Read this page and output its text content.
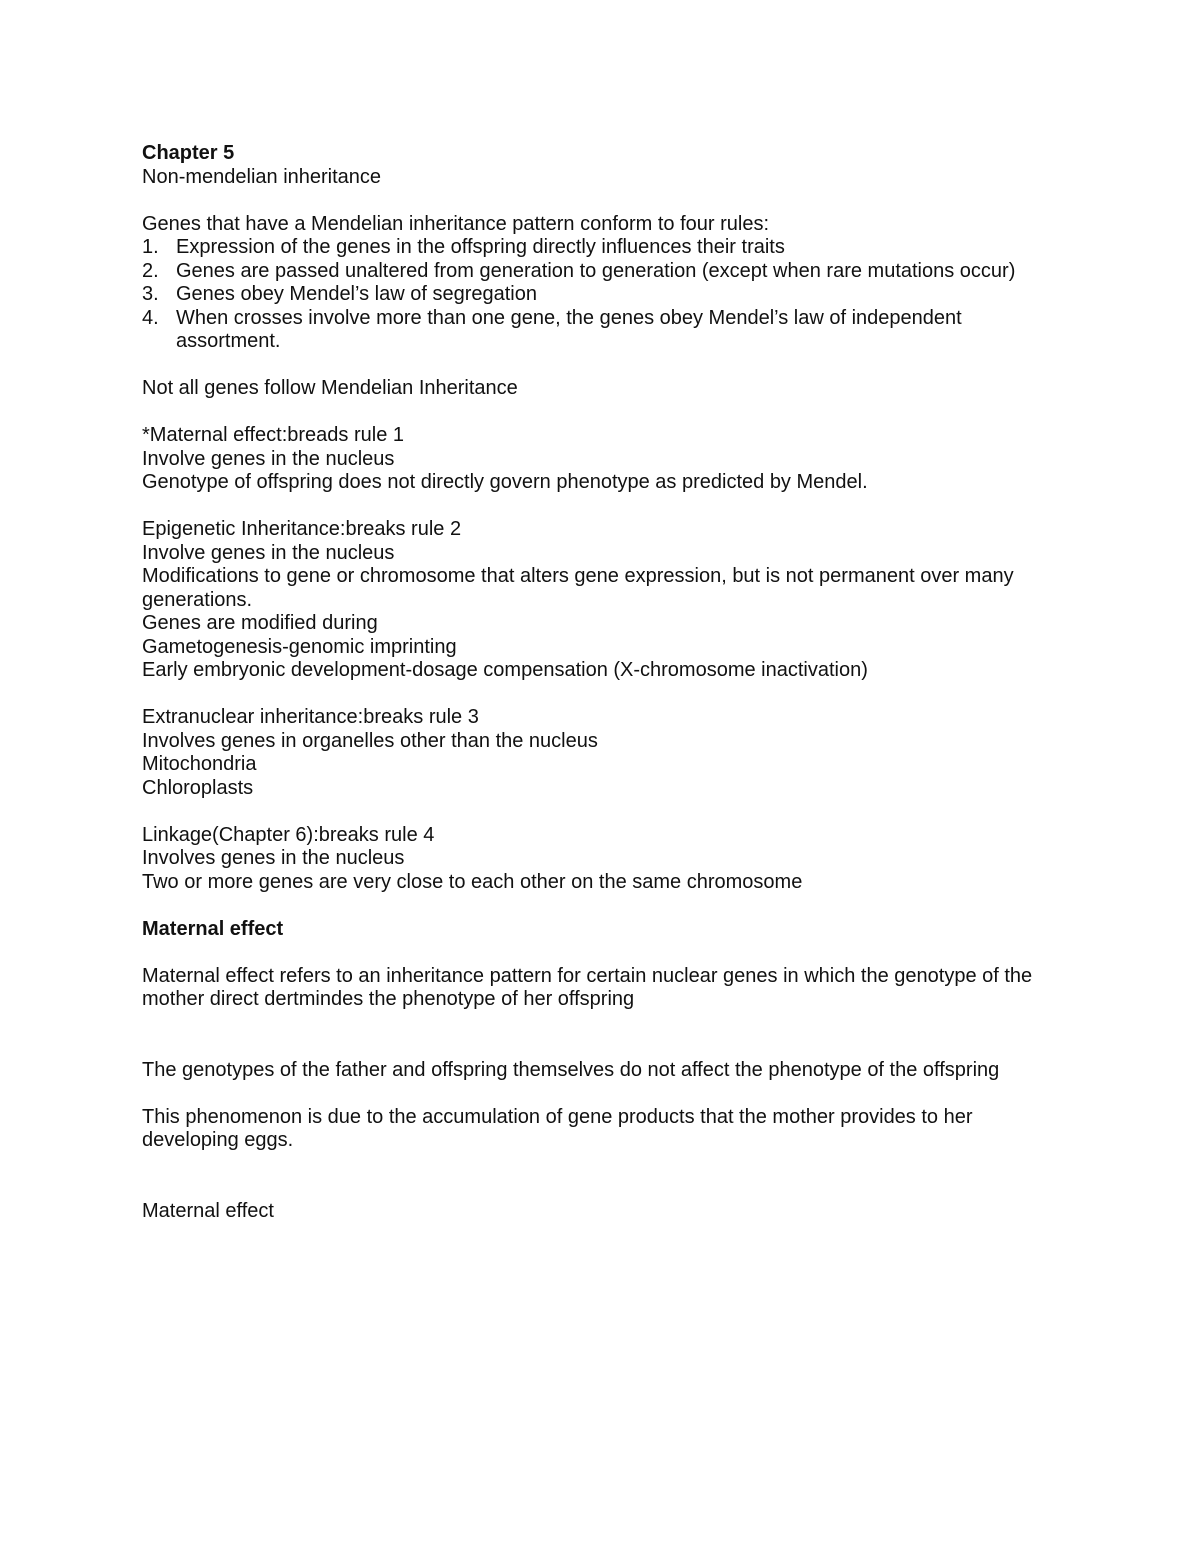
Chapter 5
Non-mendelian inheritance
Genes that have a Mendelian inheritance pattern conform to four rules:
1. Expression of the genes in the offspring directly influences their traits
2. Genes are passed unaltered from generation to generation (except when rare mutations occur)
3. Genes obey Mendel’s law of segregation
4. When crosses involve more than one gene, the genes obey Mendel’s law of independent assortment.
Not all genes follow Mendelian Inheritance
*Maternal effect:breads rule 1
Involve genes in the nucleus
Genotype of offspring does not directly govern phenotype as predicted by Mendel.
Epigenetic Inheritance:breaks rule 2
Involve genes in the nucleus
Modifications to gene or chromosome that alters gene expression, but is not permanent over many generations.
Genes are modified during
Gametogenesis-genomic imprinting
Early embryonic development-dosage compensation (X-chromosome inactivation)
Extranuclear inheritance:breaks rule 3
Involves genes in organelles other than the nucleus
Mitochondria
Chloroplasts
Linkage(Chapter 6):breaks rule 4
Involves genes in the nucleus
Two or more genes are very close to each other on the same chromosome
Maternal effect
Maternal effect refers to an inheritance pattern for certain nuclear genes in which the genotype of the mother direct dertmindes the phenotype of her offspring
The genotypes of the father and offspring themselves do not affect the phenotype of the offspring
This phenomenon is due to the accumulation of gene products that the mother provides to her developing eggs.
Maternal effect
